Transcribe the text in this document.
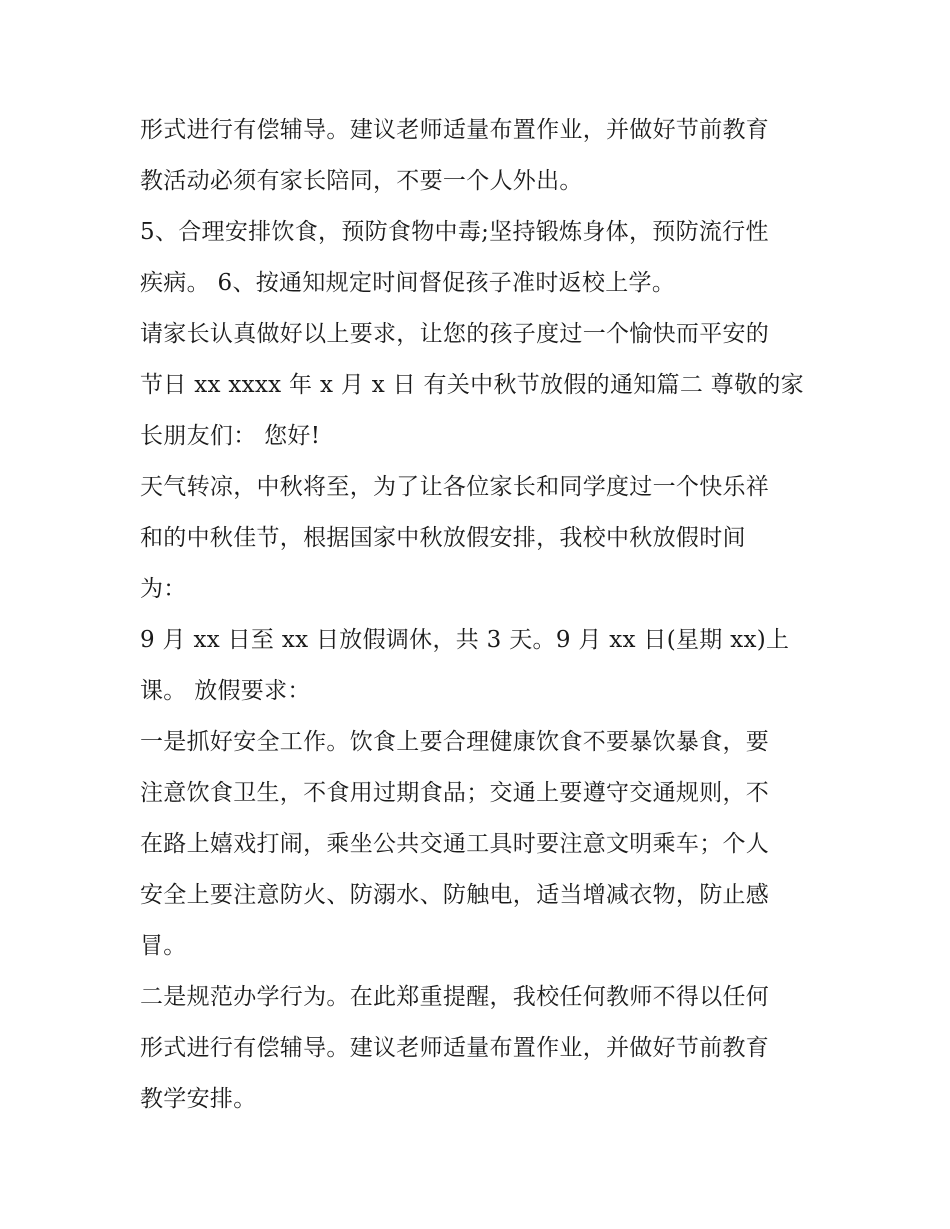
形式进行有偿辅导。建议老师适量布置作业，并做好节前教育
教活动必须有家长陪同，不要一个人外出。
5、合理安排饮食，预防食物中毒;坚持锻炼身体，预防流行性
疾病。 6、按通知规定时间督促孩子准时返校上学。
请家长认真做好以上要求，让您的孩子度过一个愉快而平安的
节日 xx xxxx 年 x 月 x 日 有关中秋节放假的通知篇二 尊敬的家
长朋友们： 您好!
天气转凉，中秋将至，为了让各位家长和同学度过一个快乐祥
和的中秋佳节，根据国家中秋放假安排，我校中秋放假时间
为：
9 月 xx 日至 xx 日放假调休，共 3 天。9 月 xx 日(星期 xx)上
课。 放假要求：
一是抓好安全工作。饮食上要合理健康饮食不要暴饮暴食，要
注意饮食卫生，不食用过期食品；交通上要遵守交通规则，不
在路上嬉戏打闹，乘坐公共交通工具时要注意文明乘车；个人
安全上要注意防火、防溺水、防触电，适当增减衣物，防止感
冒。
二是规范办学行为。在此郑重提醒，我校任何教师不得以任何
形式进行有偿辅导。建议老师适量布置作业，并做好节前教育
教学安排。
